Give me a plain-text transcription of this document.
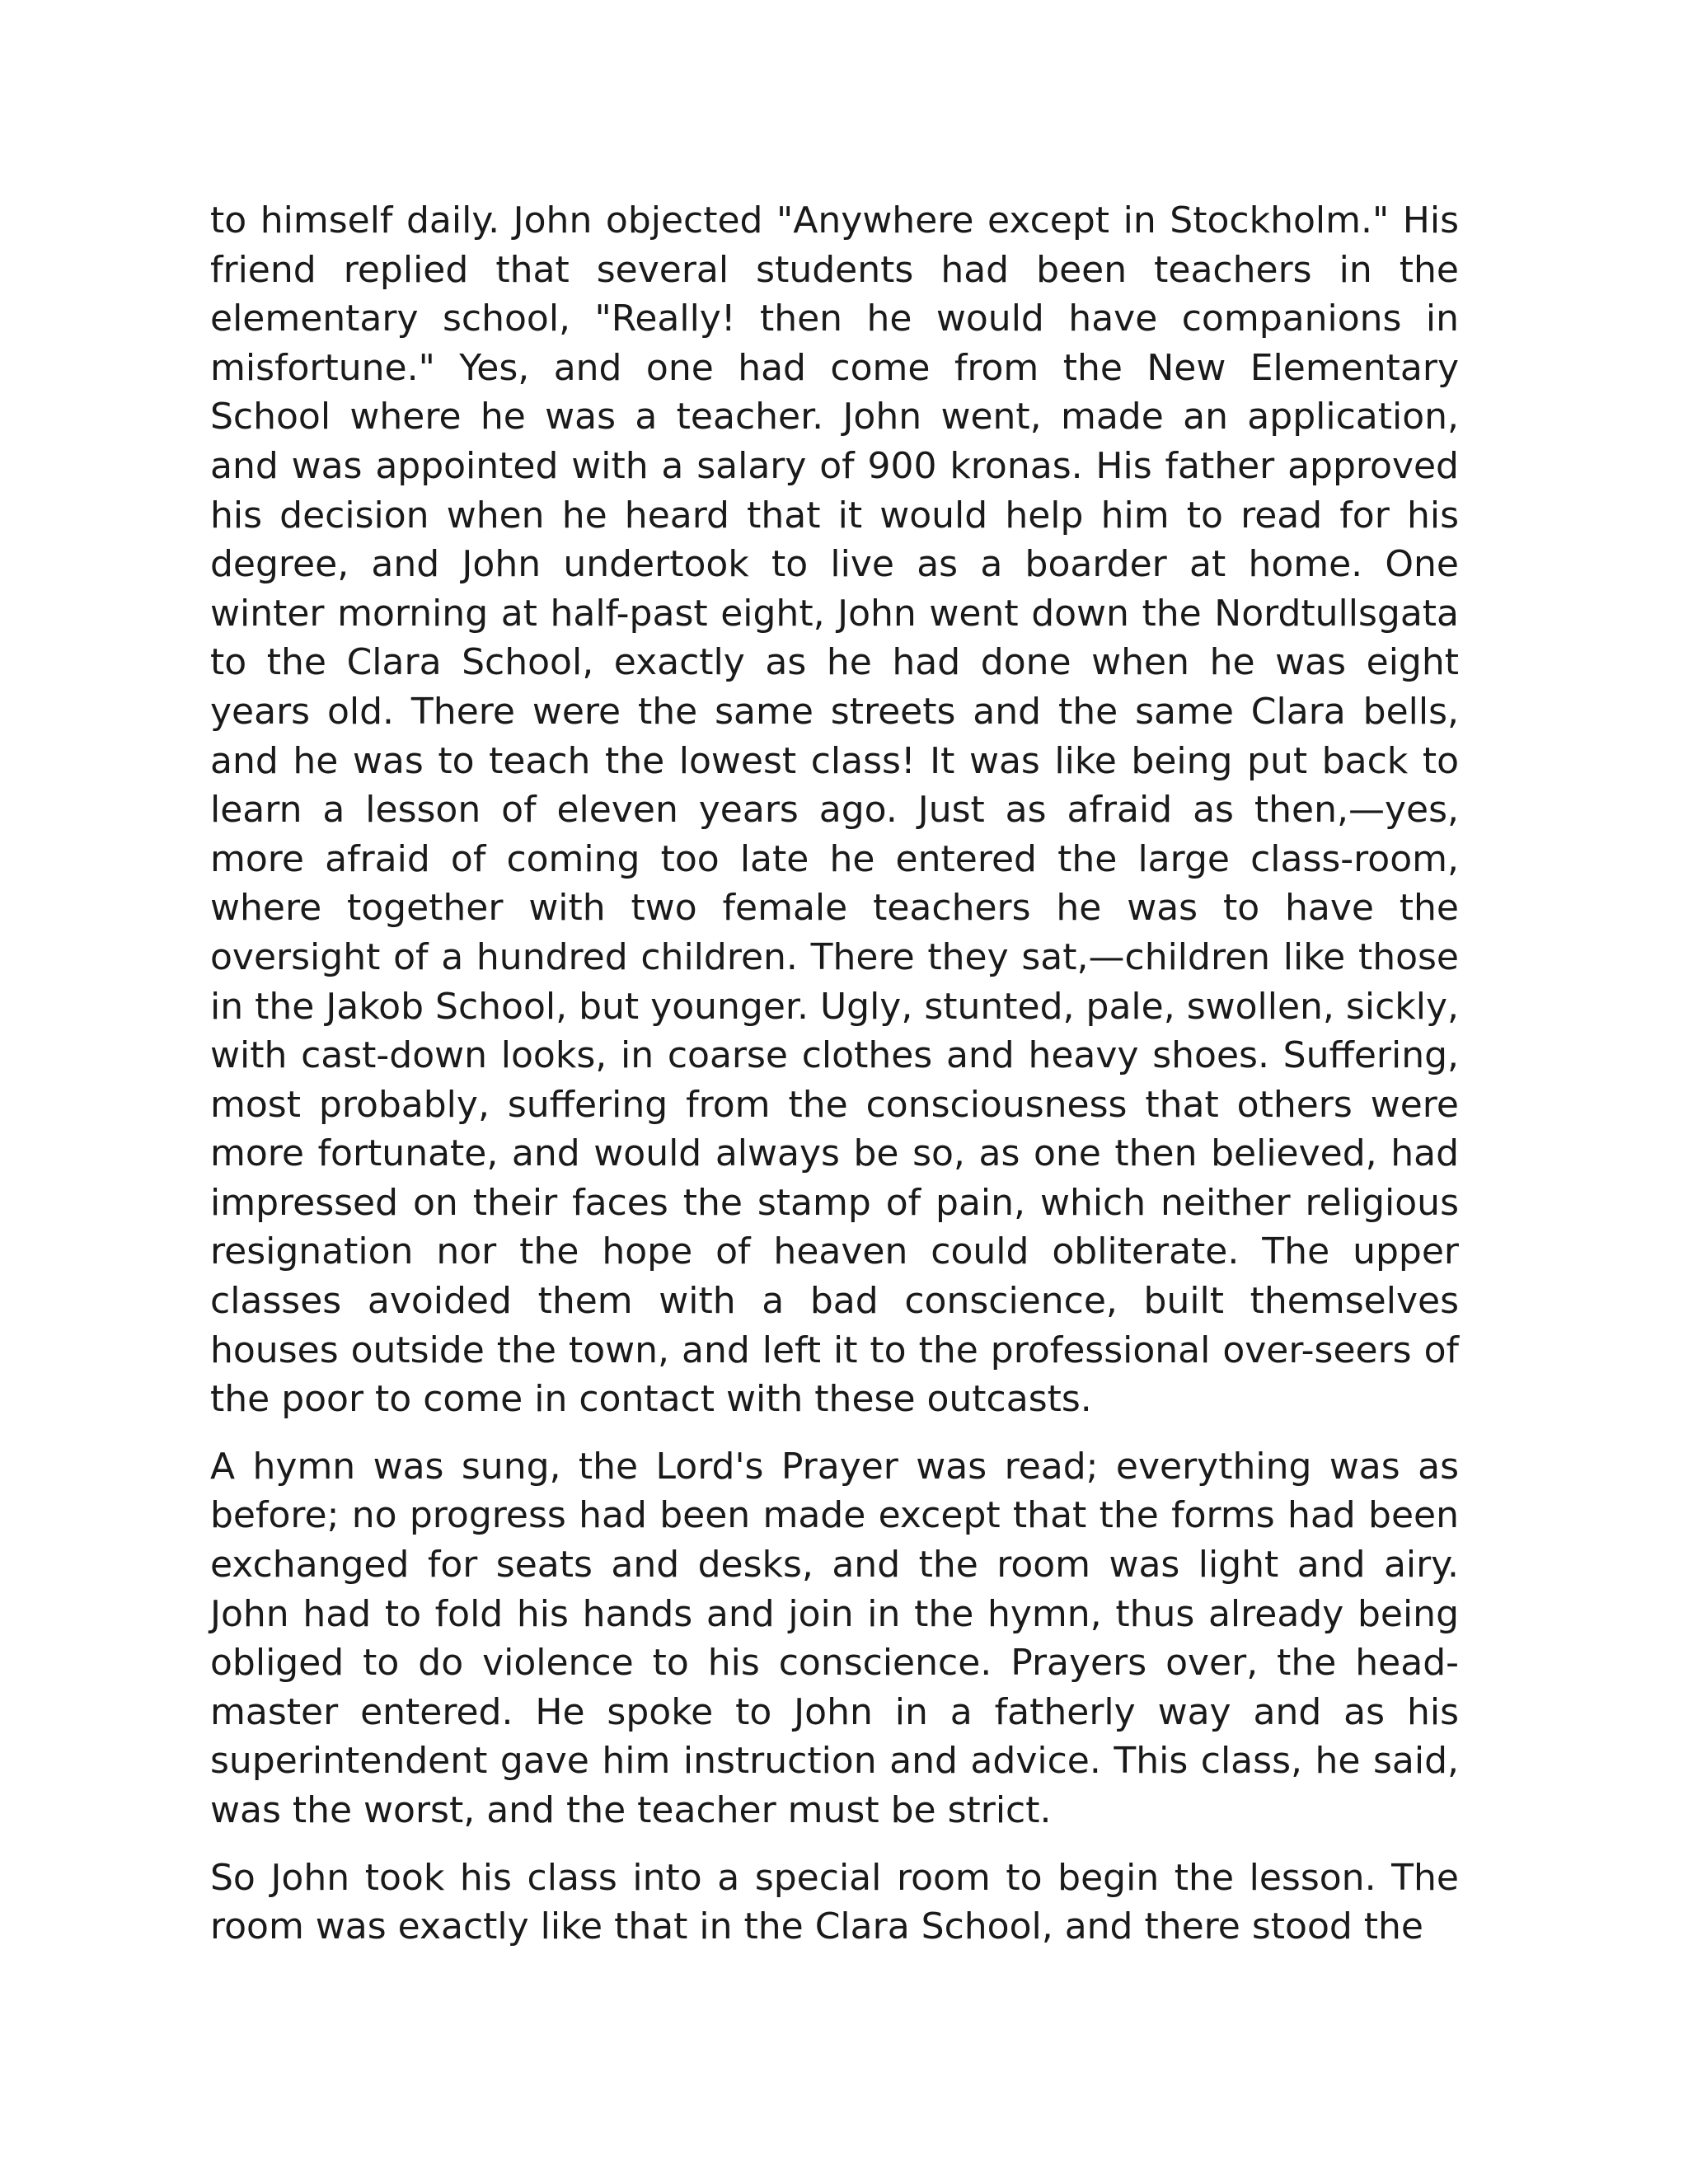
to himself daily. John objected "Anywhere except in Stockholm." His friend replied that several students had been teachers in the elementary school, "Really! then he would have companions in misfortune." Yes, and one had come from the New Elementary School where he was a teacher. John went, made an application, and was appointed with a salary of 900 kronas. His father approved his decision when he heard that it would help him to read for his degree, and John undertook to live as a boarder at home. One winter morning at half-past eight, John went down the Nordtullsgata to the Clara School, exactly as he had done when he was eight years old. There were the same streets and the same Clara bells, and he was to teach the lowest class! It was like being put back to learn a lesson of eleven years ago. Just as afraid as then,—yes, more afraid of coming too late he entered the large class-room, where together with two female teachers he was to have the oversight of a hundred children. There they sat,—children like those in the Jakob School, but younger. Ugly, stunted, pale, swollen, sickly, with cast-down looks, in coarse clothes and heavy shoes. Suffering, most probably, suffering from the consciousness that others were more fortunate, and would always be so, as one then believed, had impressed on their faces the stamp of pain, which neither religious resignation nor the hope of heaven could obliterate. The upper classes avoided them with a bad conscience, built themselves houses outside the town, and left it to the professional over-seers of the poor to come in contact with these outcasts.

A hymn was sung, the Lord's Prayer was read; everything was as before; no progress had been made except that the forms had been exchanged for seats and desks, and the room was light and airy. John had to fold his hands and join in the hymn, thus already being obliged to do violence to his conscience. Prayers over, the head-master entered. He spoke to John in a fatherly way and as his superintendent gave him instruction and advice. This class, he said, was the worst, and the teacher must be strict.

So John took his class into a special room to begin the lesson. The room was exactly like that in the Clara School, and there stood the
